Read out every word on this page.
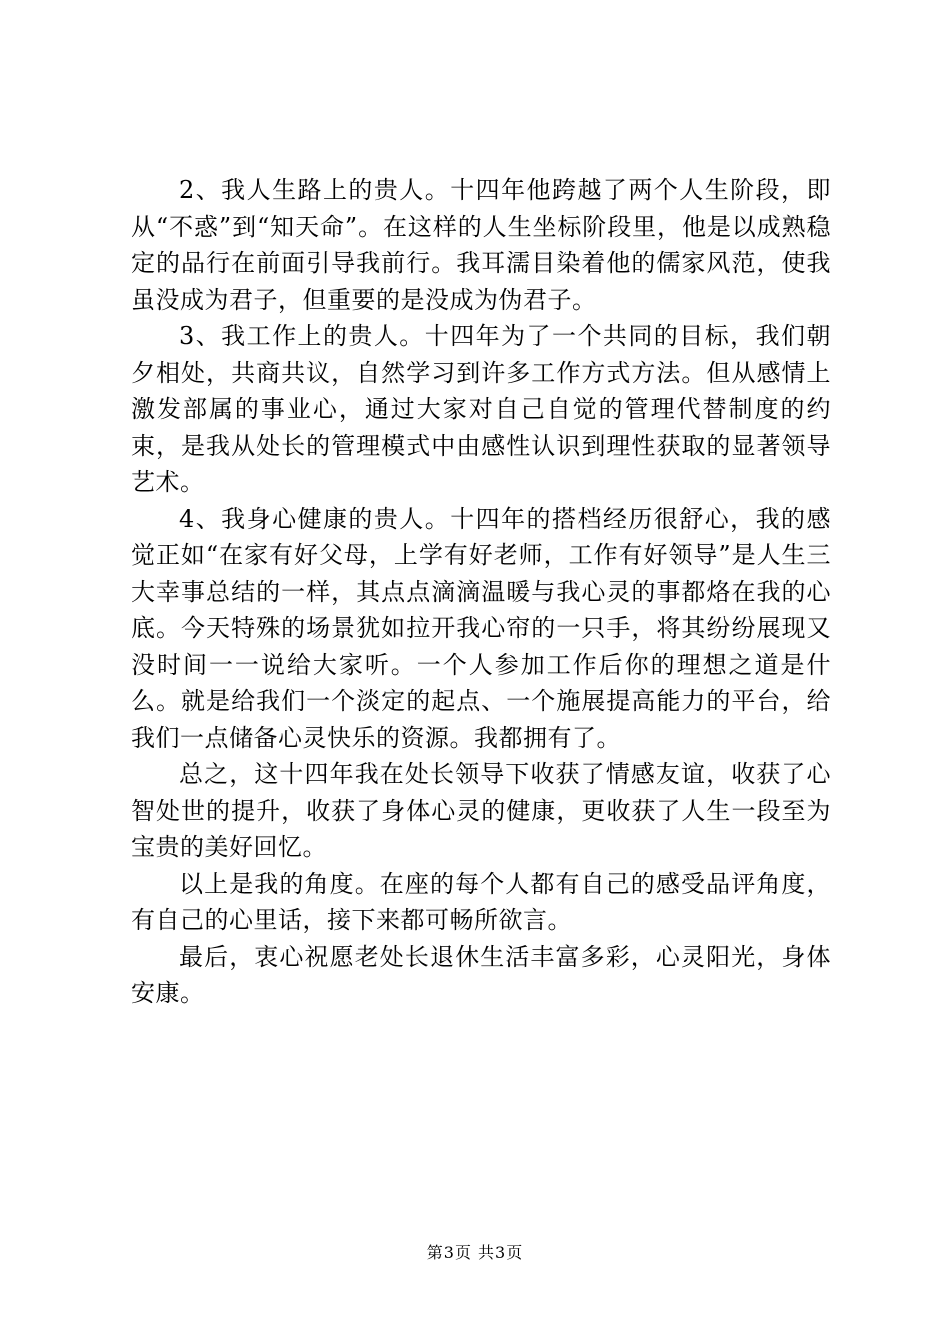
2、我人生路上的贵人。十四年他跨越了两个人生阶段，即从“不惑”到“知天命”。在这样的人生坐标阶段里，他是以成熟稳定的品行在前面引导我前行。我耳濡目染着他的儒家风范，使我虽没成为君子，但重要的是没成为伪君子。

3、我工作上的贵人。十四年为了一个共同的目标，我们朝夕相处，共商共议，自然学习到许多工作方式方法。但从感情上激发部属的事业心，通过大家对自己自觉的管理代替制度的约束，是我从处长的管理模式中由感性认识到理性获取的显著领导艺术。

4、我身心健康的贵人。十四年的搭档经历很舒心，我的感觉正如“在家有好父母，上学有好老师，工作有好领导”是人生三大幸事总结的一样，其点点滴滴温暖与我心灵的事都烙在我的心底。今天特殊的场景犹如拉开我心帘的一只手，将其纷纷展现又没时间一一说给大家听。一个人参加工作后你的理想之道是什么。就是给我们一个淡定的起点、一个施展提高能力的平台，给我们一点储备心灵快乐的资源。我都拥有了。

总之，这十四年我在处长领导下收获了情感友谊，收获了心智处世的提升，收获了身体心灵的健康，更收获了人生一段至为宝贵的美好回忆。

以上是我的角度。在座的每个人都有自己的感受品评角度，有自己的心里话，接下来都可畅所欲言。

最后，衷心祝愿老处长退休生活丰富多彩，心灵阳光，身体安康。

第3页 共3页
